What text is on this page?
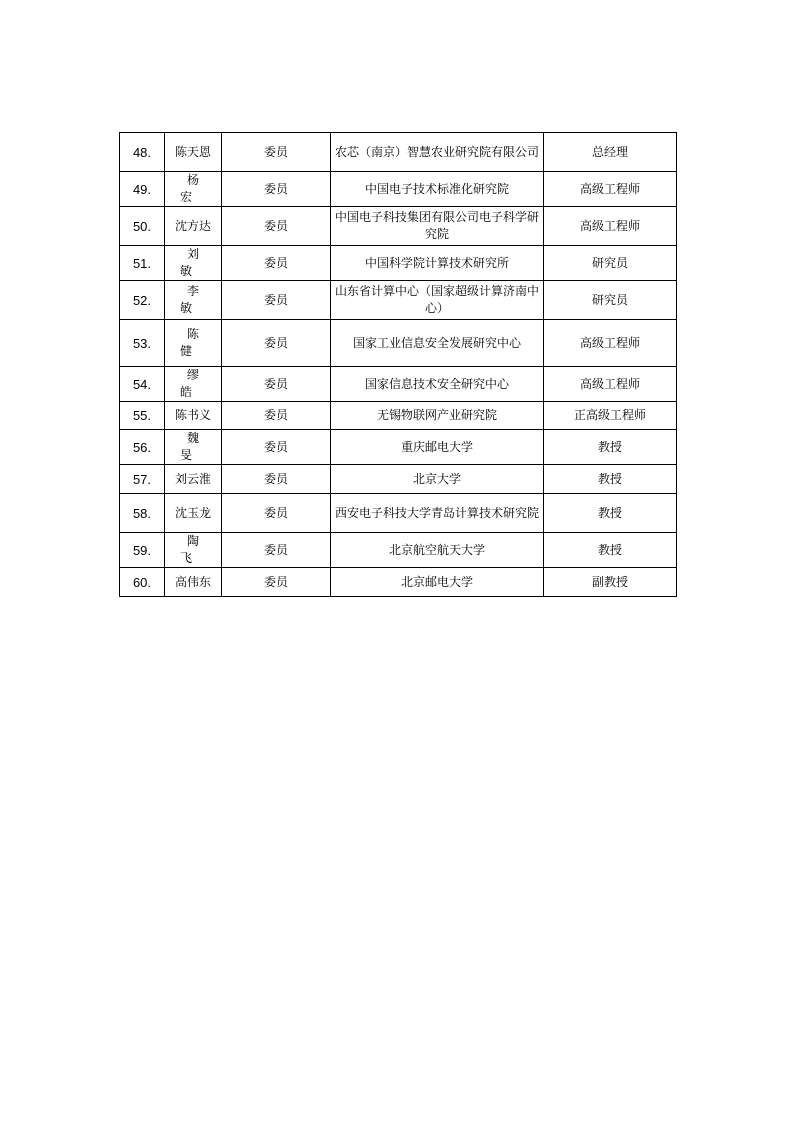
48.	陈天恩	委员	农芯（南京）智慧农业研究院有限公司	总经理
49.	杨宏	委员	中国电子技术标准化研究院	高级工程师
50.	沈方达	委员	中国电子科技集团有限公司电子科学研究院	高级工程师
51.	刘敏	委员	中国科学院计算技术研究所	研究员
52.	李敏	委员	山东省计算中心（国家超级计算济南中心）	研究员
53.	陈健	委员	国家工业信息安全发展研究中心	高级工程师
54.	缪皓	委员	国家信息技术安全研究中心	高级工程师
55.	陈书义	委员	无锡物联网产业研究院	正高级工程师
56.	魏旻	委员	重庆邮电大学	教授
57.	刘云淮	委员	北京大学	教授
58.	沈玉龙	委员	西安电子科技大学青岛计算技术研究院	教授
59.	陶飞	委员	北京航空航天大学	教授
60.	高伟东	委员	北京邮电大学	副教授
